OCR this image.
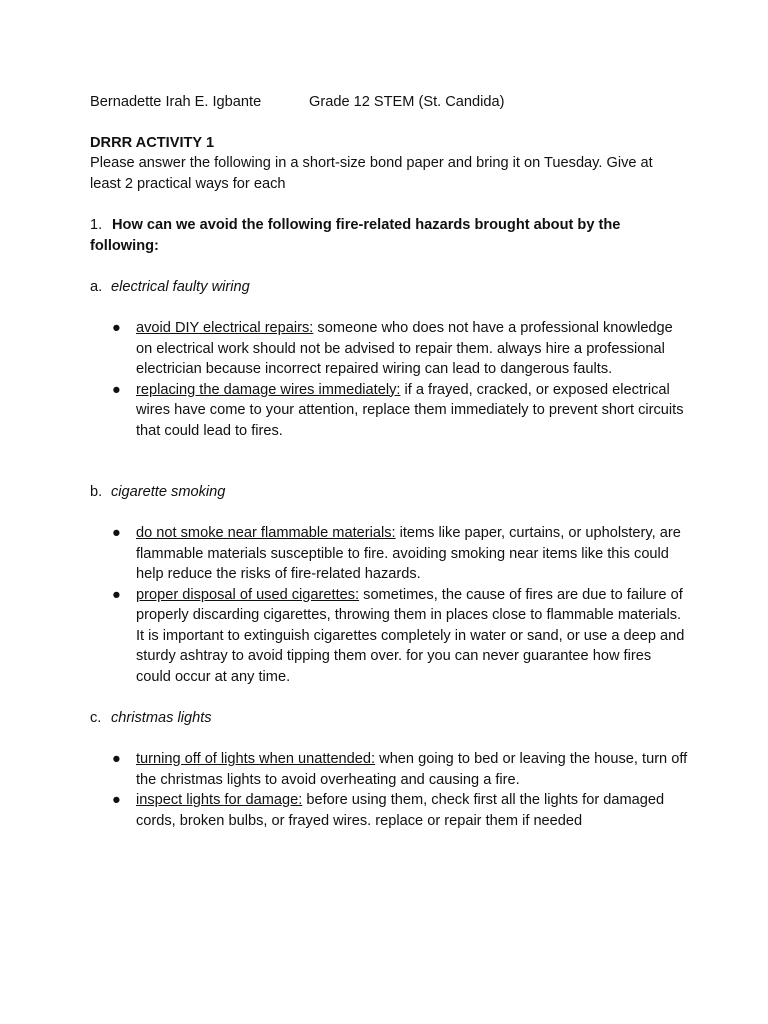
Bernadette Irah E. Igbante	Grade 12 STEM (St. Candida)
DRRR ACTIVITY 1
Please answer the following in a short-size bond paper and bring it on Tuesday. Give at least 2 practical ways for each
1. How can we avoid the following fire-related hazards brought about by the following:
a. electrical faulty wiring
● avoid DIY electrical repairs: someone who does not have a professional knowledge on electrical work should not be advised to repair them. always hire a professional electrician because incorrect repaired wiring can lead to dangerous faults.
● replacing the damage wires immediately: if a frayed, cracked, or exposed electrical wires have come to your attention, replace them immediately to prevent short circuits that could lead to fires.
b. cigarette smoking
● do not smoke near flammable materials: items like paper, curtains, or upholstery, are flammable materials susceptible to fire. avoiding smoking near items like this could help reduce the risks of fire-related hazards.
● proper disposal of used cigarettes: sometimes, the cause of fires are due to failure of properly discarding cigarettes, throwing them in places close to flammable materials. It is important to extinguish cigarettes completely in water or sand, or use a deep and sturdy ashtray to avoid tipping them over. for you can never guarantee how fires could occur at any time.
c. christmas lights
● turning off of lights when unattended: when going to bed or leaving the house, turn off the christmas lights to avoid overheating and causing a fire.
● inspect lights for damage: before using them, check first all the lights for damaged cords, broken bulbs, or frayed wires. replace or repair them if needed
